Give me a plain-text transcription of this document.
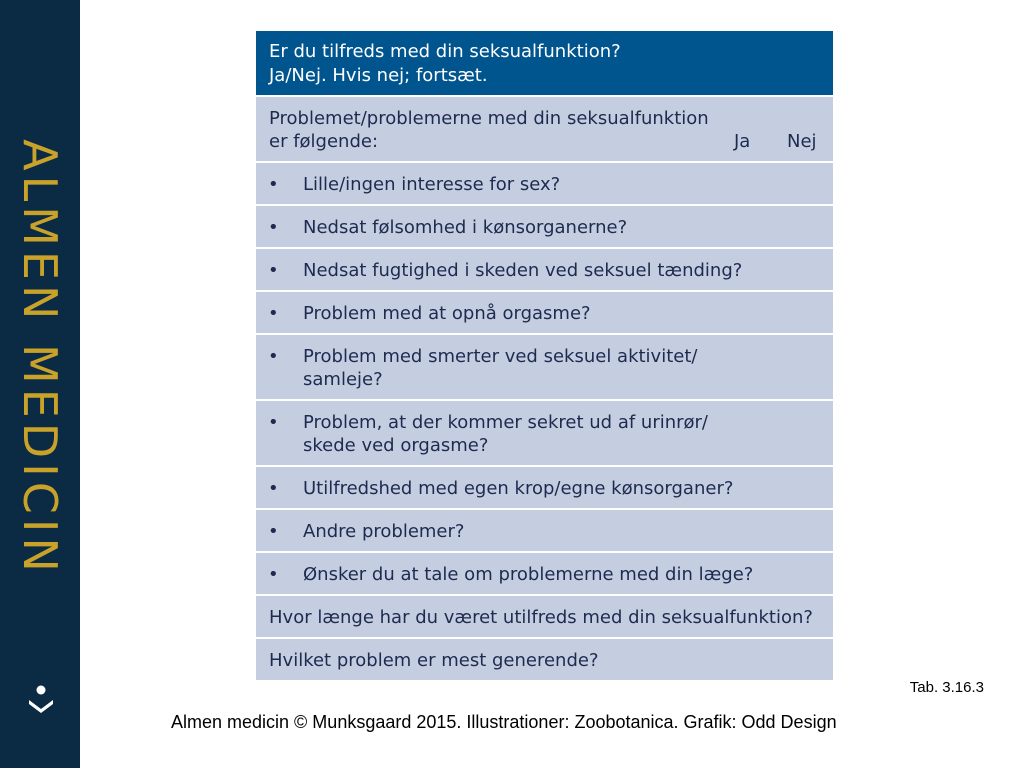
ALMEN MEDICIN
Er du tilfreds med din seksualfunktion?
Ja/Nej. Hvis nej; fortsæt.
Problemet/problemerne med din seksualfunktion er følgende:	Ja Nej
• Lille/ingen interesse for sex?
• Nedsat følsomhed i kønsorganerne?
• Nedsat fugtighed i skeden ved seksuel tænding?
• Problem med at opnå orgasme?
• Problem med smerter ved seksuel aktivitet/ samleje?
• Problem, at der kommer sekret ud af urinrør/ skede ved orgasme?
• Utilfredshed med egen krop/egne kønsorganer?
• Andre problemer?
• Ønsker du at tale om problemerne med din læge?
Hvor længe har du været utilfreds med din seksualfunktion?
Hvilket problem er mest generende?
Tab. 3.16.3
Almen medicin © Munksgaard 2015. Illustrationer: Zoobotanica. Grafik: Odd Design
